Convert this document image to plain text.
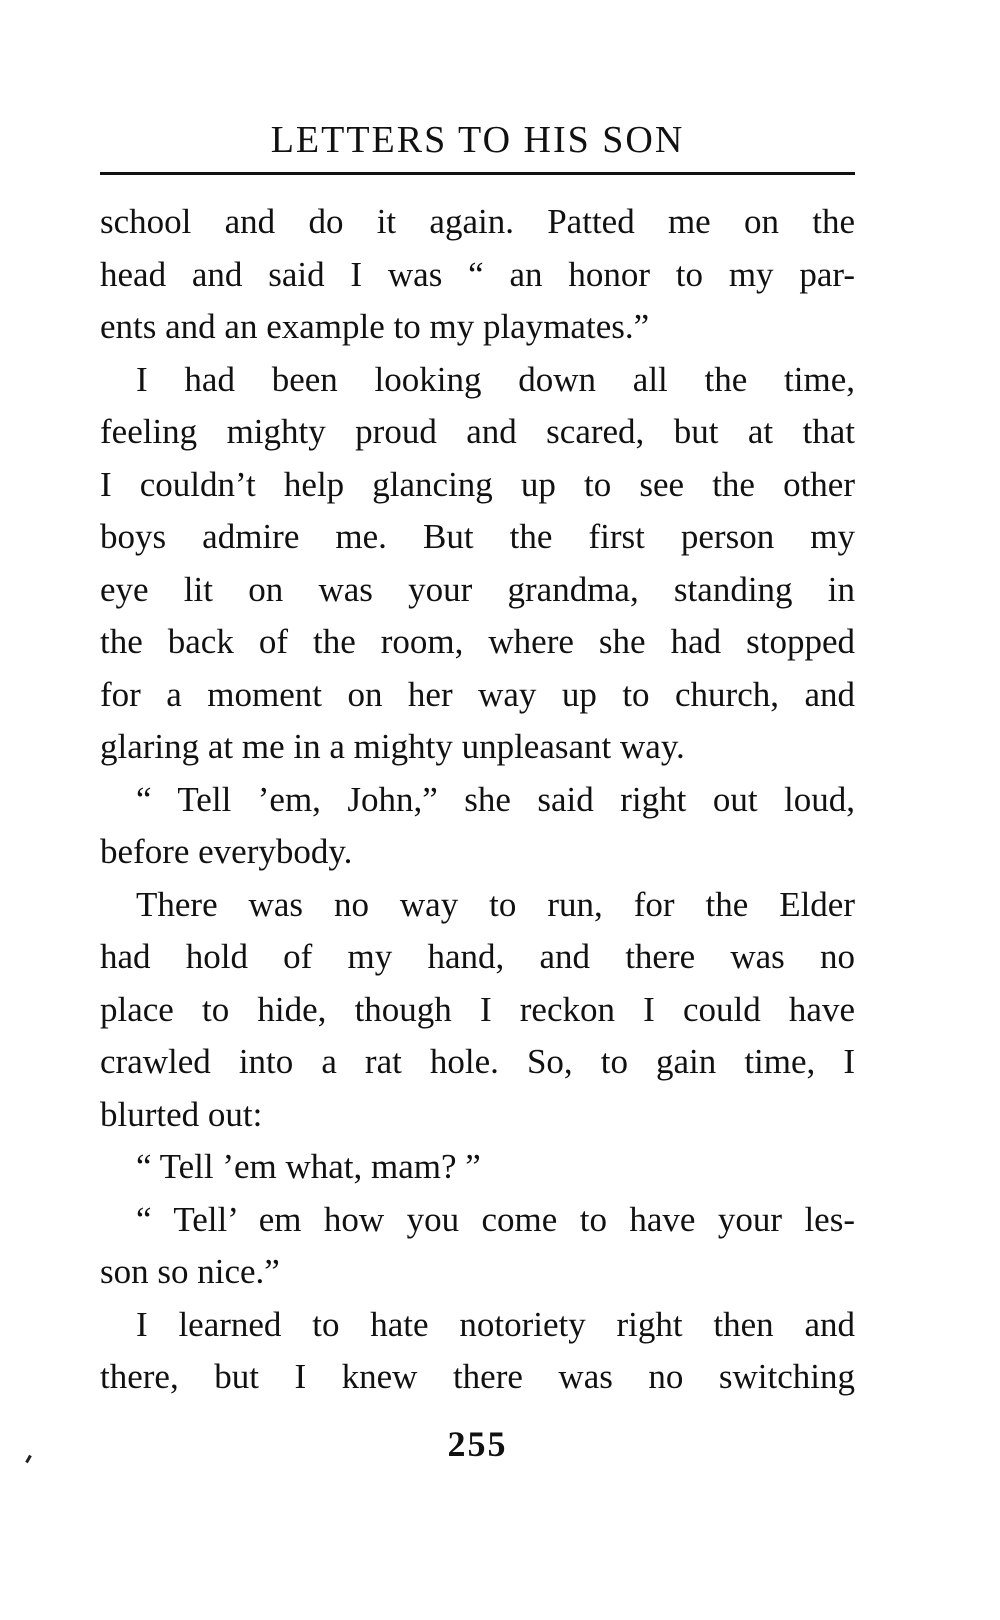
LETTERS TO HIS SON
school and do it again. Patted me on the
head and said I was “ an honor to my par-
ents and an example to my playmates.”
I had been looking down all the time,
feeling mighty proud and scared, but at that
I couldn’t help glancing up to see the other
boys admire me. But the first person my
eye lit on was your grandma, standing in
the back of the room, where she had stopped
for a moment on her way up to church, and
glaring at me in a mighty unpleasant way.
“ Tell ’em, John,” she said right out loud,
before everybody.
There was no way to run, for the Elder
had hold of my hand, and there was no
place to hide, though I reckon I could have
crawled into a rat hole. So, to gain time, I
blurted out:
“ Tell ’em what, mam? ”
“ Tell’ em how you come to have your les-
son so nice.”
I learned to hate notoriety right then and
there, but I knew there was no switching
255
